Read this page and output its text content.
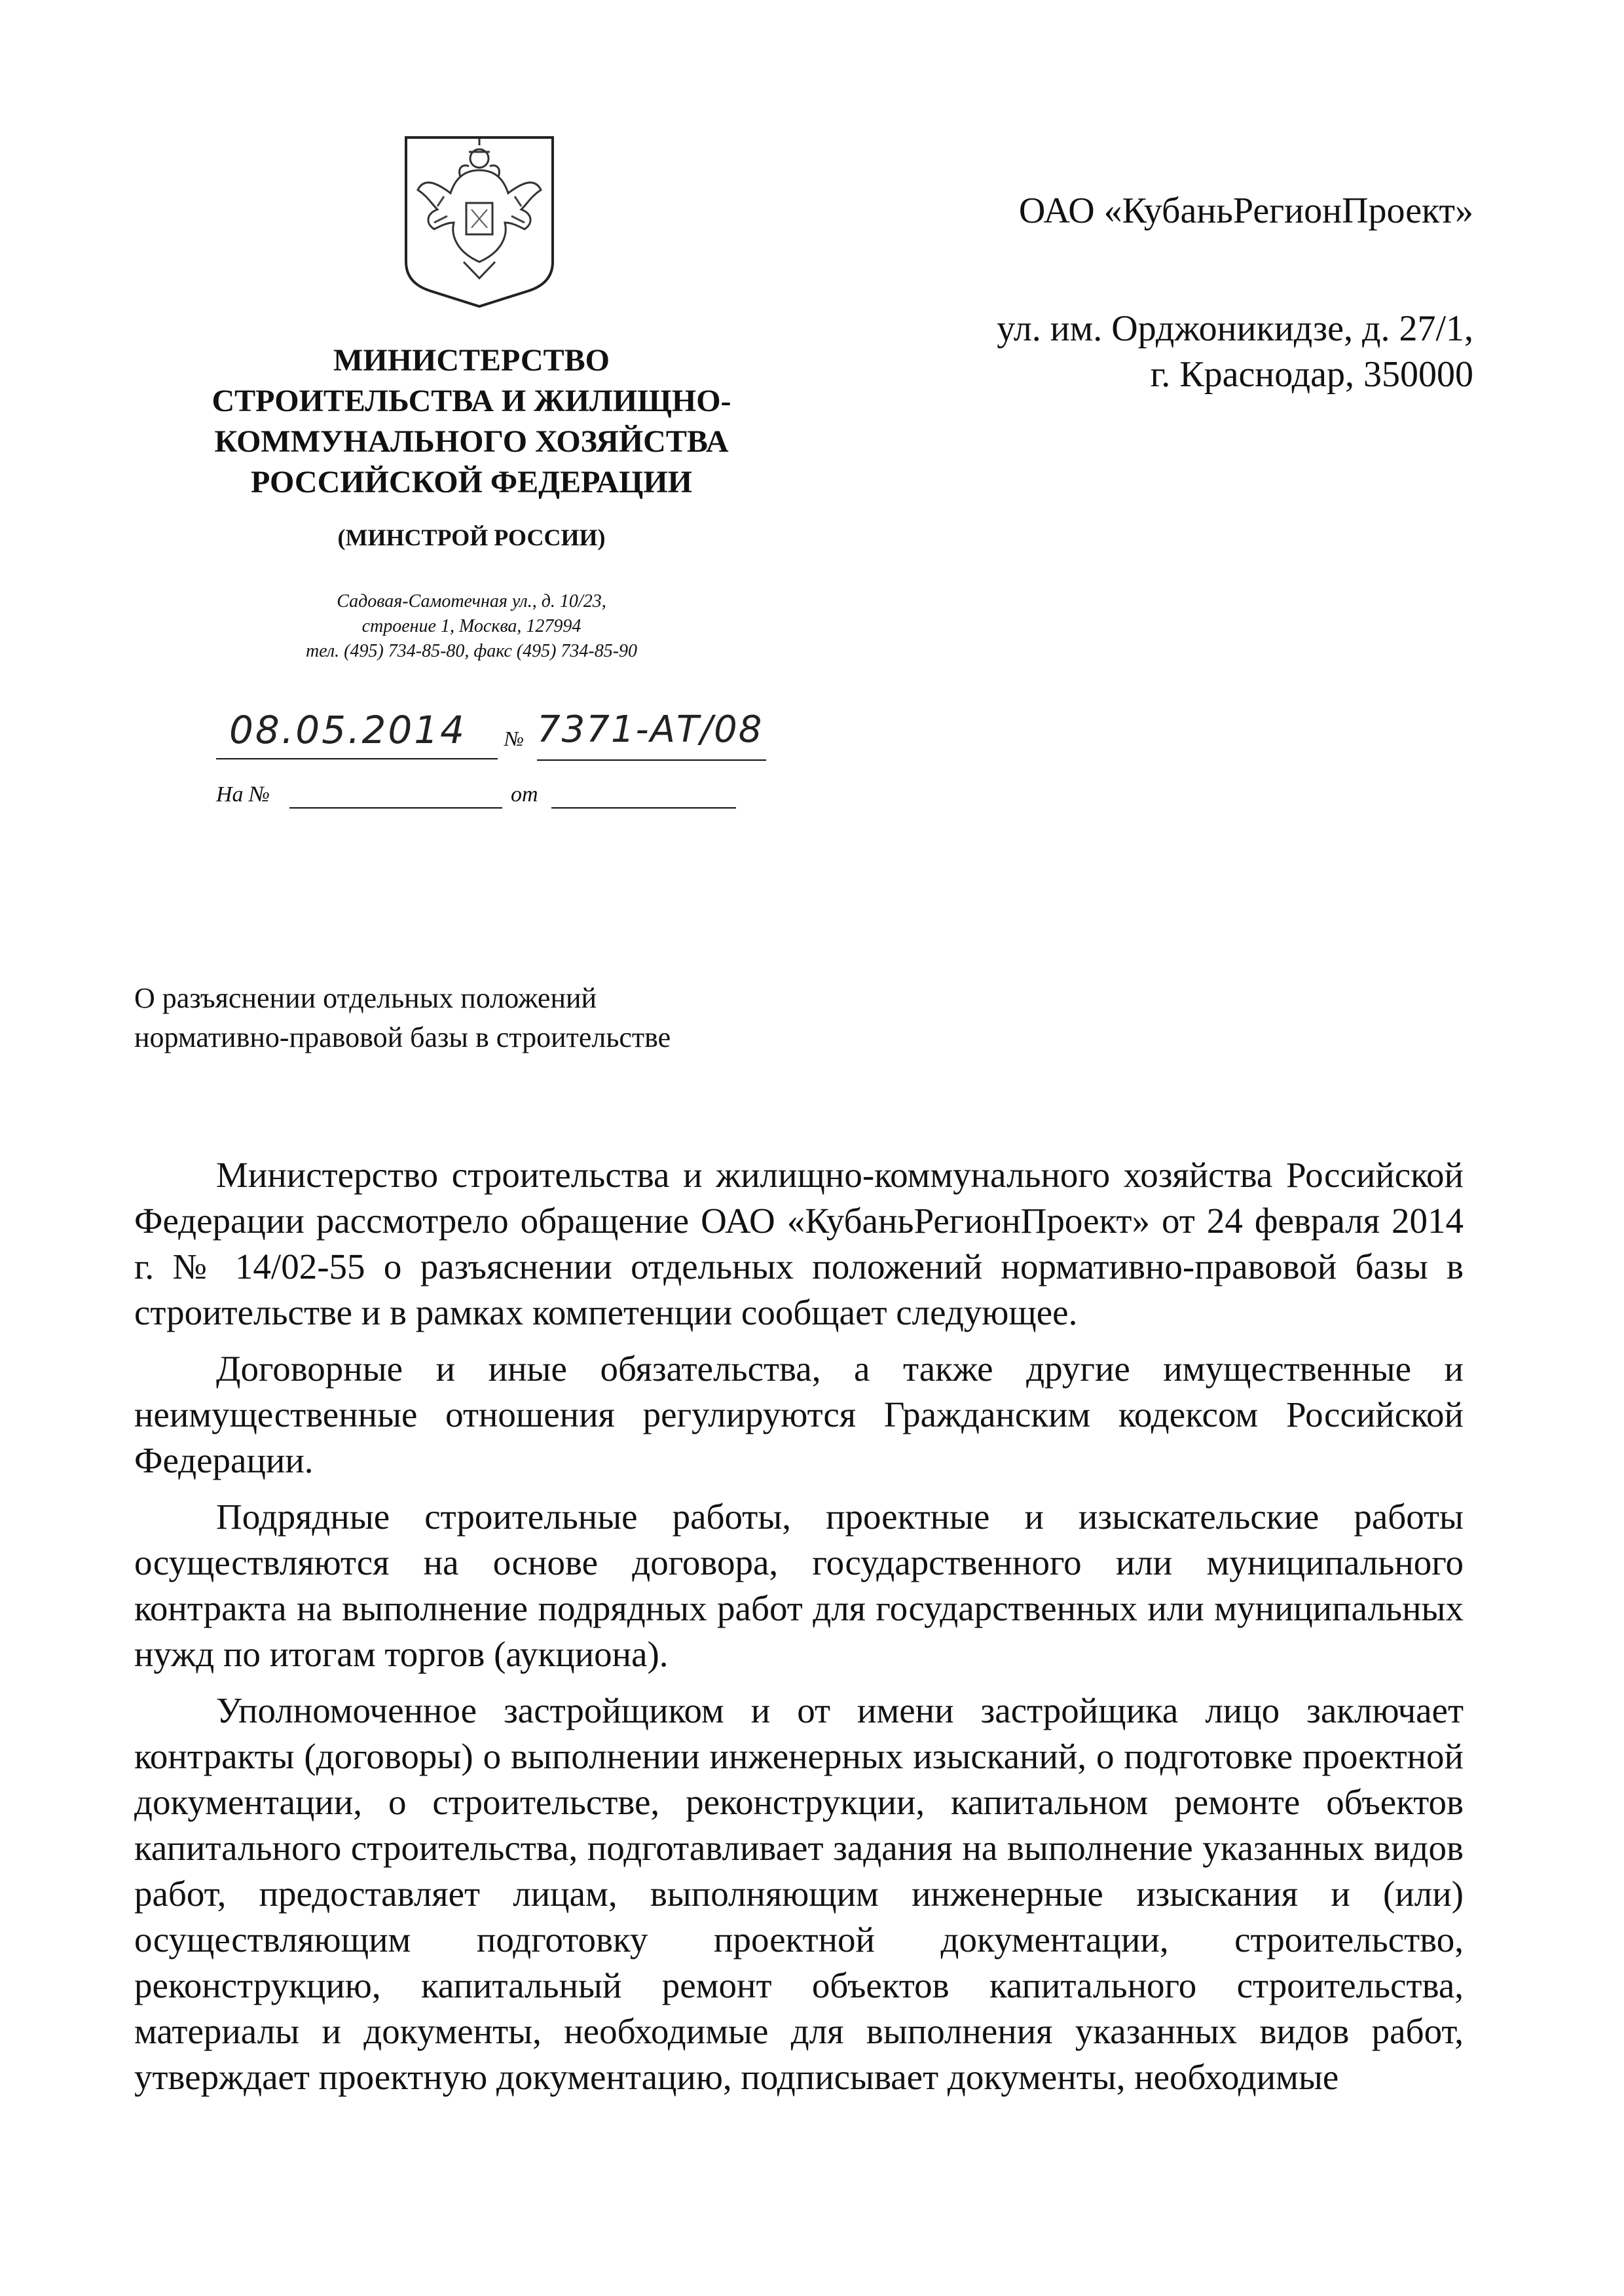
МИНИСТЕРСТВО
СТРОИТЕЛЬСТВА И ЖИЛИЩНО-
КОММУНАЛЬНОГО ХОЗЯЙСТВА
РОССИЙСКОЙ ФЕДЕРАЦИИ
(МИНСТРОЙ РОССИИ)
Садовая-Самотечная ул., д. 10/23,
строение 1, Москва, 127994
тел. (495) 734-85-80, факс (495) 734-85-90
08.05.2014	№ 7371-АТ/08
На №	от
ОАО «КубаньРегионПроект»
ул. им. Орджоникидзе, д. 27/1,
г. Краснодар, 350000
О разъяснении отдельных положений
нормативно-правовой базы в строительстве

Министерство строительства и жилищно-коммунального хозяйства Российской Федерации рассмотрело обращение ОАО «КубаньРегионПроект» от 24 февраля 2014 г. № 14/02-55 о разъяснении отдельных положений нормативно-правовой базы в строительстве и в рамках компетенции сообщает следующее.

Договорные и иные обязательства, а также другие имущественные и неимущественные отношения регулируются Гражданским кодексом Российской Федерации.

Подрядные строительные работы, проектные и изыскательские работы осуществляются на основе договора, государственного или муниципального контракта на выполнение подрядных работ для государственных или муниципальных нужд по итогам торгов (аукциона).

Уполномоченное застройщиком и от имени застройщика лицо заключает контракты (договоры) о выполнении инженерных изысканий, о подготовке проектной документации, о строительстве, реконструкции, капитальном ремонте объектов капитального строительства, подготавливает задания на выполнение указанных видов работ, предоставляет лицам, выполняющим инженерные изыскания и (или) осуществляющим подготовку проектной документации, строительство, реконструкцию, капитальный ремонт объектов капитального строительства, материалы и документы, необходимые для выполнения указанных видов работ, утверждает проектную документацию, подписывает документы, необходимые
